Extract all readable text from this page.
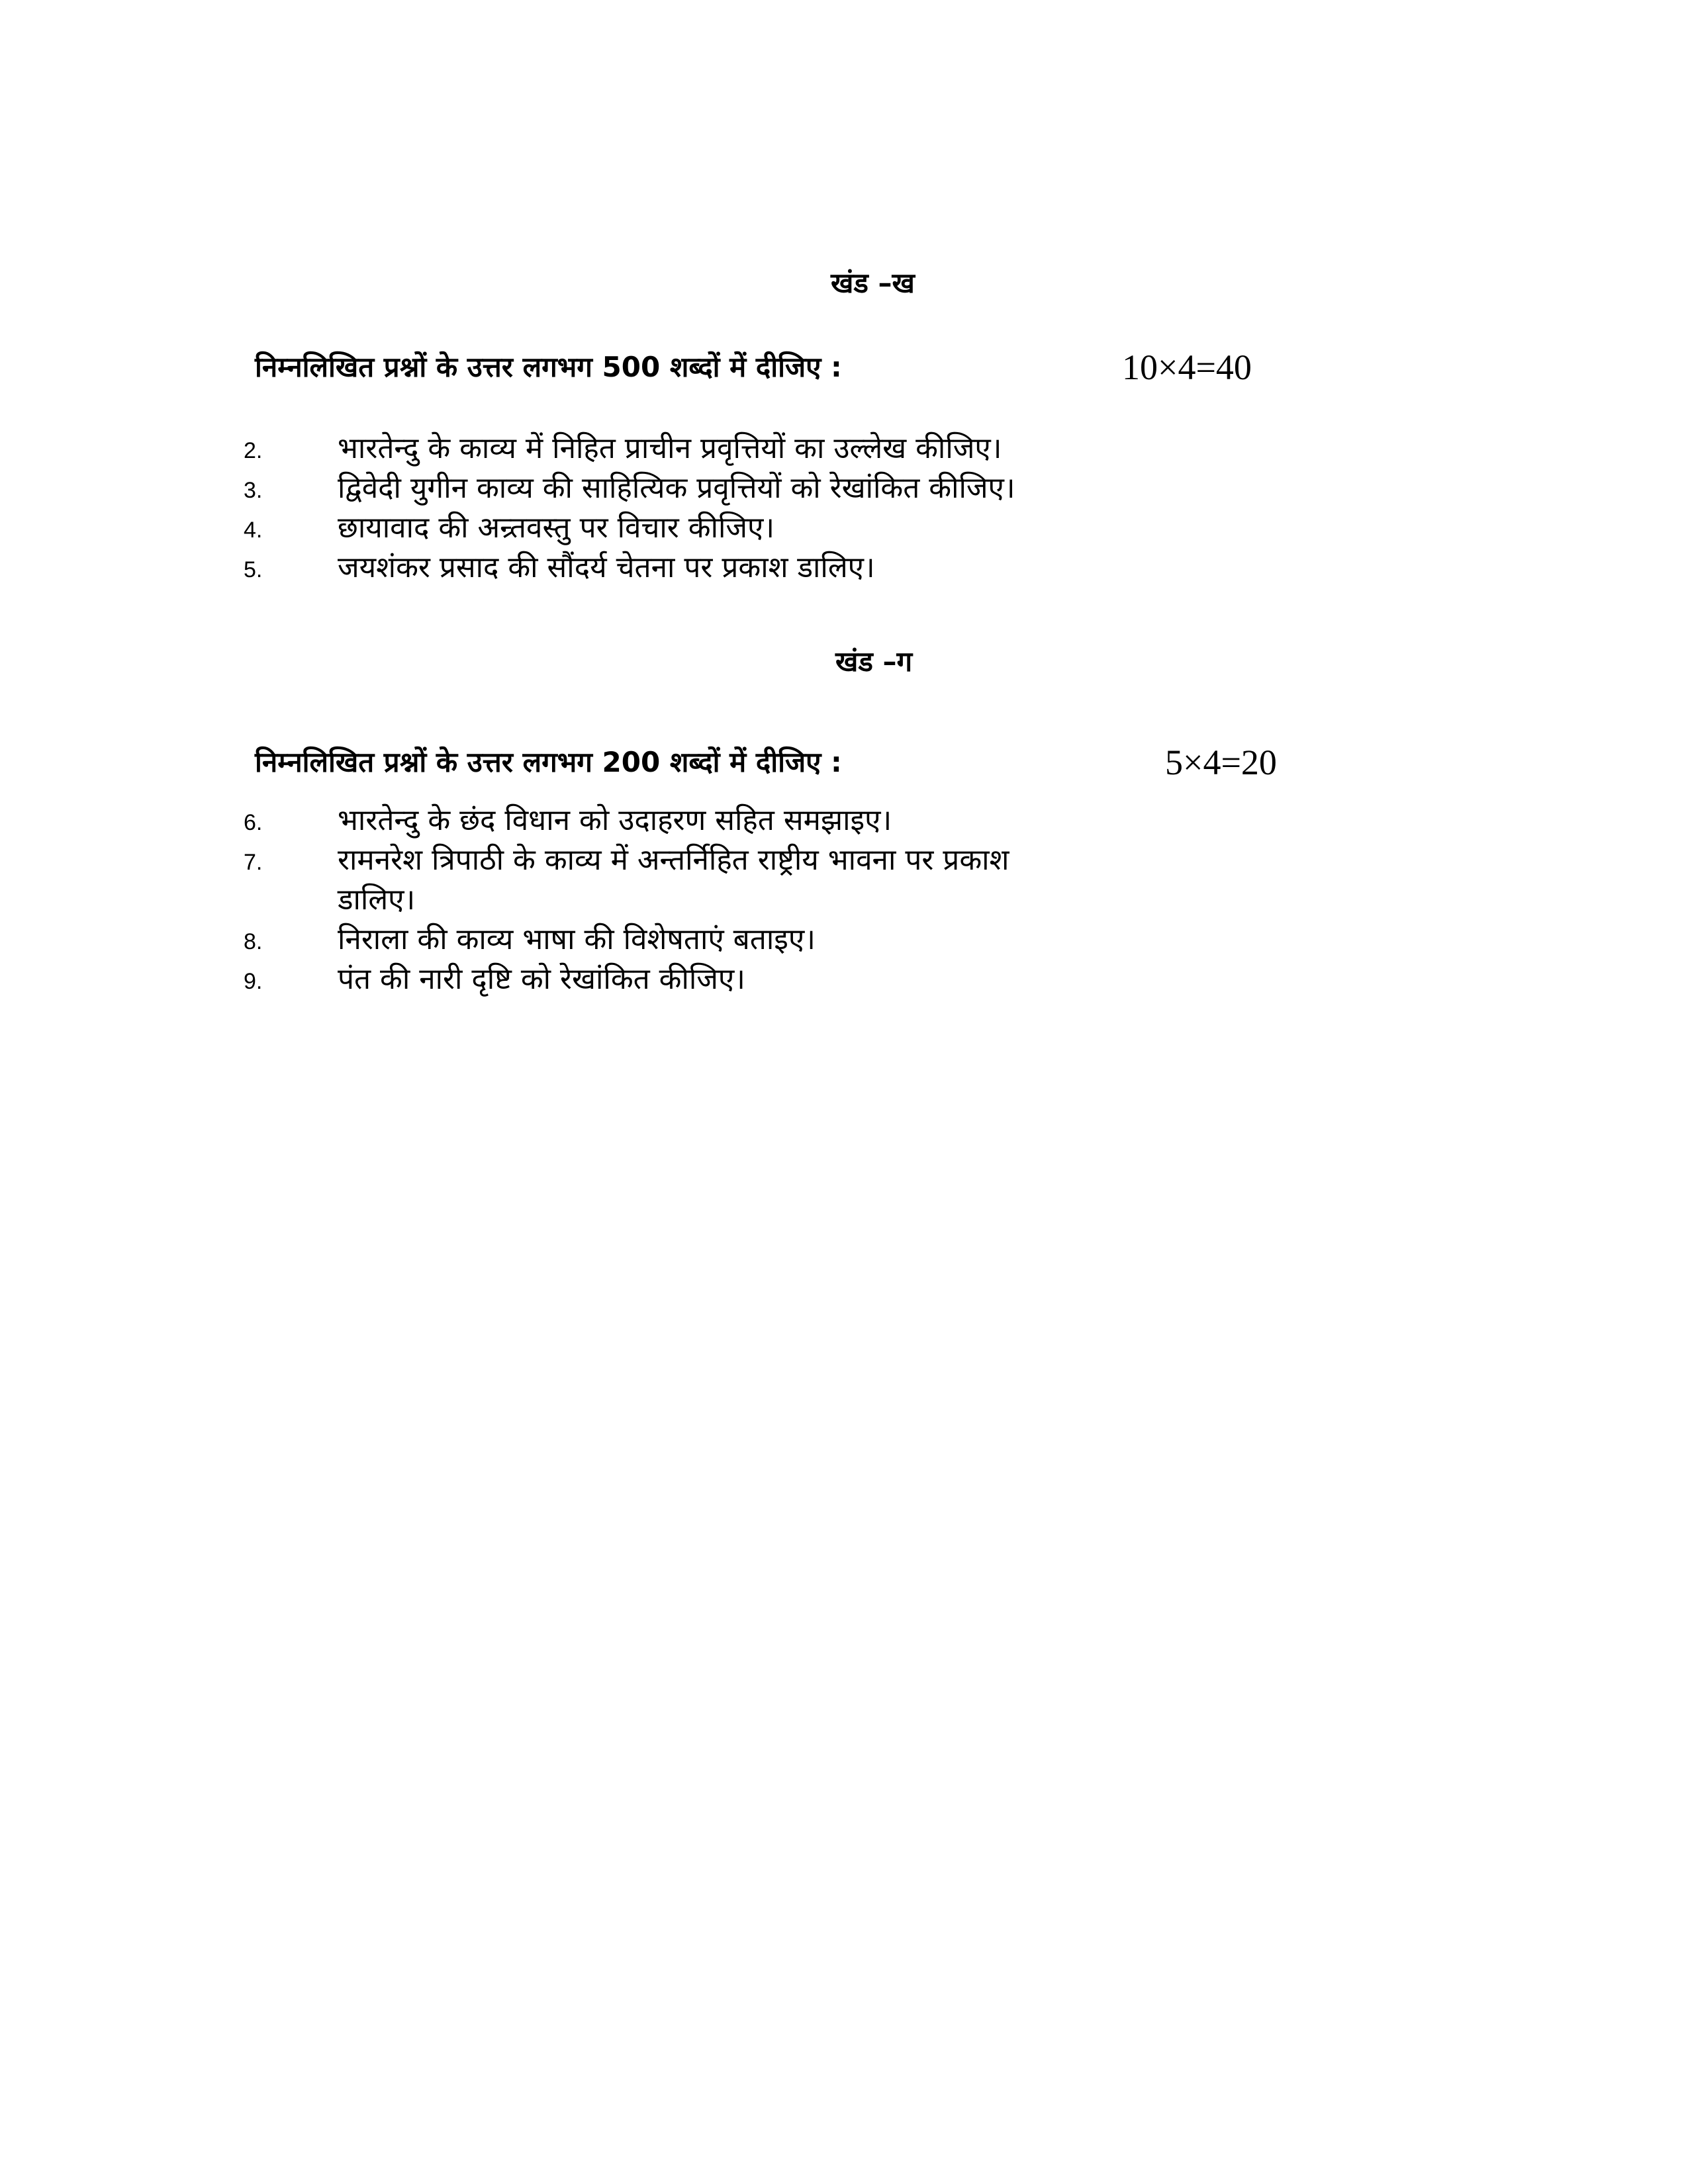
खंड –ख
निम्नलिखित प्रश्नों के उत्तर लगभग 500 शब्दों में दीजिए :	10×4=40
2.	भारतेन्दु के काव्य में निहित प्राचीन प्रवृत्तियों का उल्लेख कीजिए।
3.	द्विवेदी युगीन काव्य की साहित्यिक प्रवृत्तियों को रेखांकित कीजिए।
4.	छायावाद की अन्र्तवस्तु पर विचार कीजिए।
5.	जयशंकर प्रसाद की सौंदर्य चेतना पर प्रकाश डालिए।
खंड –ग
निम्नलिखित प्रश्नों के उत्तर लगभग 200 शब्दों में दीजिए :	5×4=20
6.	भारतेन्दु के छंद विधान को उदाहरण सहित समझाइए।
7.	रामनरेश त्रिपाठी के काव्य में अन्तर्निहित राष्ट्रीय भावना पर प्रकाश
डालिए।
8.	निराला की काव्य भाषा की विशेषताएं बताइए।
9.	पंत की नारी दृष्टि को रेखांकित कीजिए।
